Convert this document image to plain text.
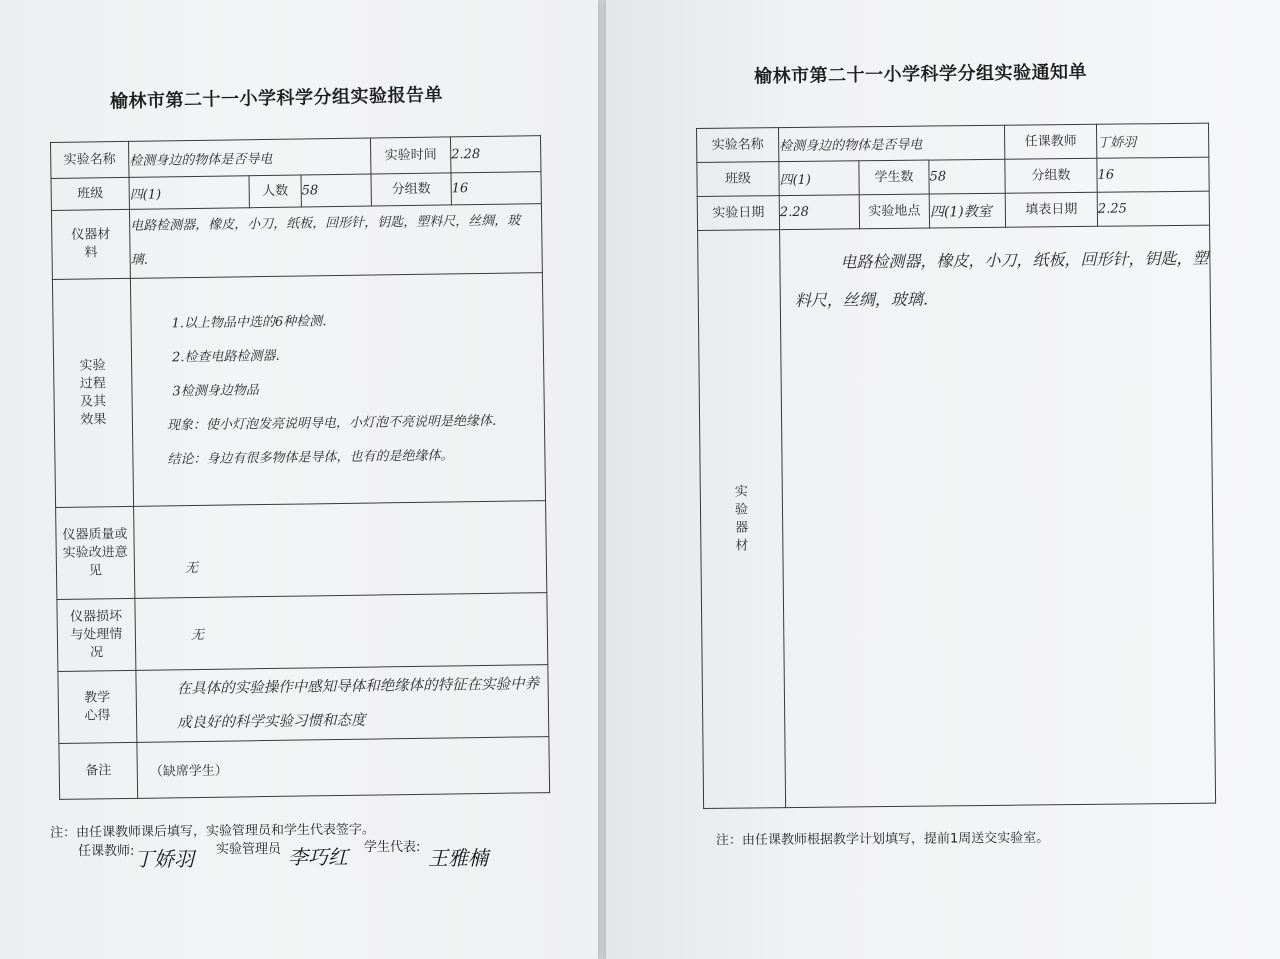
榆林市第二十一小学科学分组实验报告单
实验名称	检测身边的物体是否导电			实验时间	2.28
班级	四(1)	人数	58	分组数	16

仪器材料	电路检测器，橡皮，小刀，纸板，回形针，钥匙，塑料尺，丝绸，玻璃．				

实验过程及其效果	1.以上物品中选的6种检测．
2.检查电路检测器．
3检测身边物品
现象：使小灯泡发亮说明导电，小灯泡不亮说明是绝缘体．
结论：身边有很多物体是导体，也有的是绝缘体。				

仪器质量或实验改进意见	无				

仪器损坏与处理情况	无				

教学心得	在具体的实验操作中感知导体和绝缘体的特征在实验中养成良好的科学实验习惯和态度				
备注	（缺席学生）				
注：由任课教师课后填写，实验管理员和学生代表签字。
任课教师: 丁娇羽 实验管理员 李巧红 学生代表: 王雅楠
榆林市第二十一小学科学分组实验通知单
实验名称	检测身边的物体是否导电			任课教师	丁娇羽
班级	四(1)	学生数	58	分组数	16
实验日期	2.28	实验地点	四(1)教室	填表日期	2.25

实验器材	电路检测器，橡皮，小刀，纸板，回形针，钥匙，塑料尺，丝绸，玻璃．				
注：由任课教师根据教学计划填写，提前1周送交实验室。
